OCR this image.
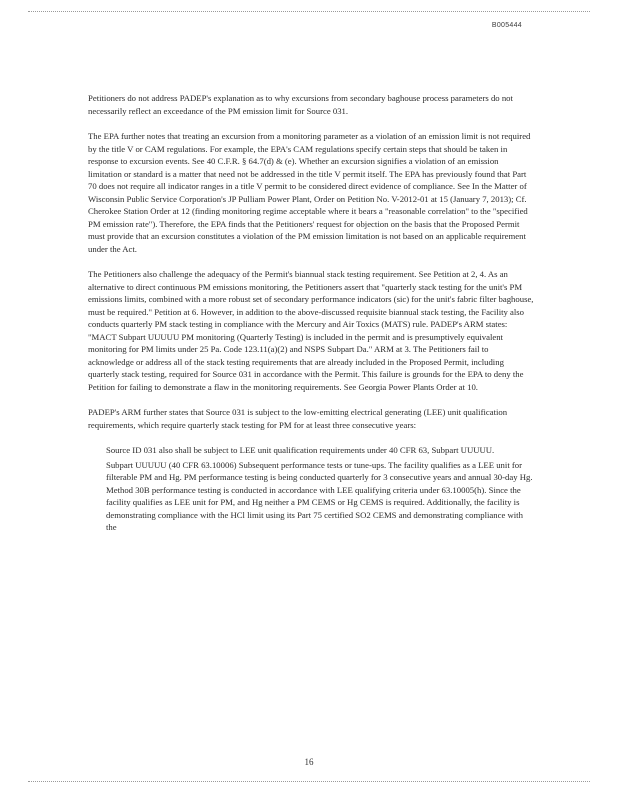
B005444

Petitioners do not address PADEP's explanation as to why excursions from secondary baghouse process parameters do not necessarily reflect an exceedance of the PM emission limit for Source 031.

The EPA further notes that treating an excursion from a monitoring parameter as a violation of an emission limit is not required by the title V or CAM regulations. For example, the EPA's CAM regulations specify certain steps that should be taken in response to excursion events. See 40 C.F.R. § 64.7(d) & (e). Whether an excursion signifies a violation of an emission limitation or standard is a matter that need not be addressed in the title V permit itself. The EPA has previously found that Part 70 does not require all indicator ranges in a title V permit to be considered direct evidence of compliance. See In the Matter of Wisconsin Public Service Corporation's JP Pulliam Power Plant, Order on Petition No. V-2012-01 at 15 (January 7, 2013); Cf. Cherokee Station Order at 12 (finding monitoring regime acceptable where it bears a "reasonable correlation" to the "specified PM emission rate"). Therefore, the EPA finds that the Petitioners' request for objection on the basis that the Proposed Permit must provide that an excursion constitutes a violation of the PM emission limitation is not based on an applicable requirement under the Act.

The Petitioners also challenge the adequacy of the Permit's biannual stack testing requirement. See Petition at 2, 4. As an alternative to direct continuous PM emissions monitoring, the Petitioners assert that "quarterly stack testing for the unit's PM emissions limits, combined with a more robust set of secondary performance indicators (sic) for the unit's fabric filter baghouse, must be required." Petition at 6. However, in addition to the above-discussed requisite biannual stack testing, the Facility also conducts quarterly PM stack testing in compliance with the Mercury and Air Toxics (MATS) rule. PADEP's ARM states: "MACT Subpart UUUUU PM monitoring (Quarterly Testing) is included in the permit and is presumptively equivalent monitoring for PM limits under 25 Pa. Code 123.11(a)(2) and NSPS Subpart Da." ARM at 3. The Petitioners fail to acknowledge or address all of the stack testing requirements that are already included in the Proposed Permit, including quarterly stack testing, required for Source 031 in accordance with the Permit. This failure is grounds for the EPA to deny the Petition for failing to demonstrate a flaw in the monitoring requirements. See Georgia Power Plants Order at 10.

PADEP's ARM further states that Source 031 is subject to the low-emitting electrical generating (LEE) unit qualification requirements, which require quarterly stack testing for PM for at least three consecutive years:

Source ID 031 also shall be subject to LEE unit qualification requirements under 40 CFR 63, Subpart UUUUU.

Subpart UUUUU (40 CFR 63.10006) Subsequent performance tests or tune-ups. The facility qualifies as a LEE unit for filterable PM and Hg. PM performance testing is being conducted quarterly for 3 consecutive years and annual 30-day Hg. Method 30B performance testing is conducted in accordance with LEE qualifying criteria under 63.10005(h). Since the facility qualifies as LEE unit for PM, and Hg neither a PM CEMS or Hg CEMS is required. Additionally, the facility is demonstrating compliance with the HCl limit using its Part 75 certified SO2 CEMS and demonstrating compliance with the

16
